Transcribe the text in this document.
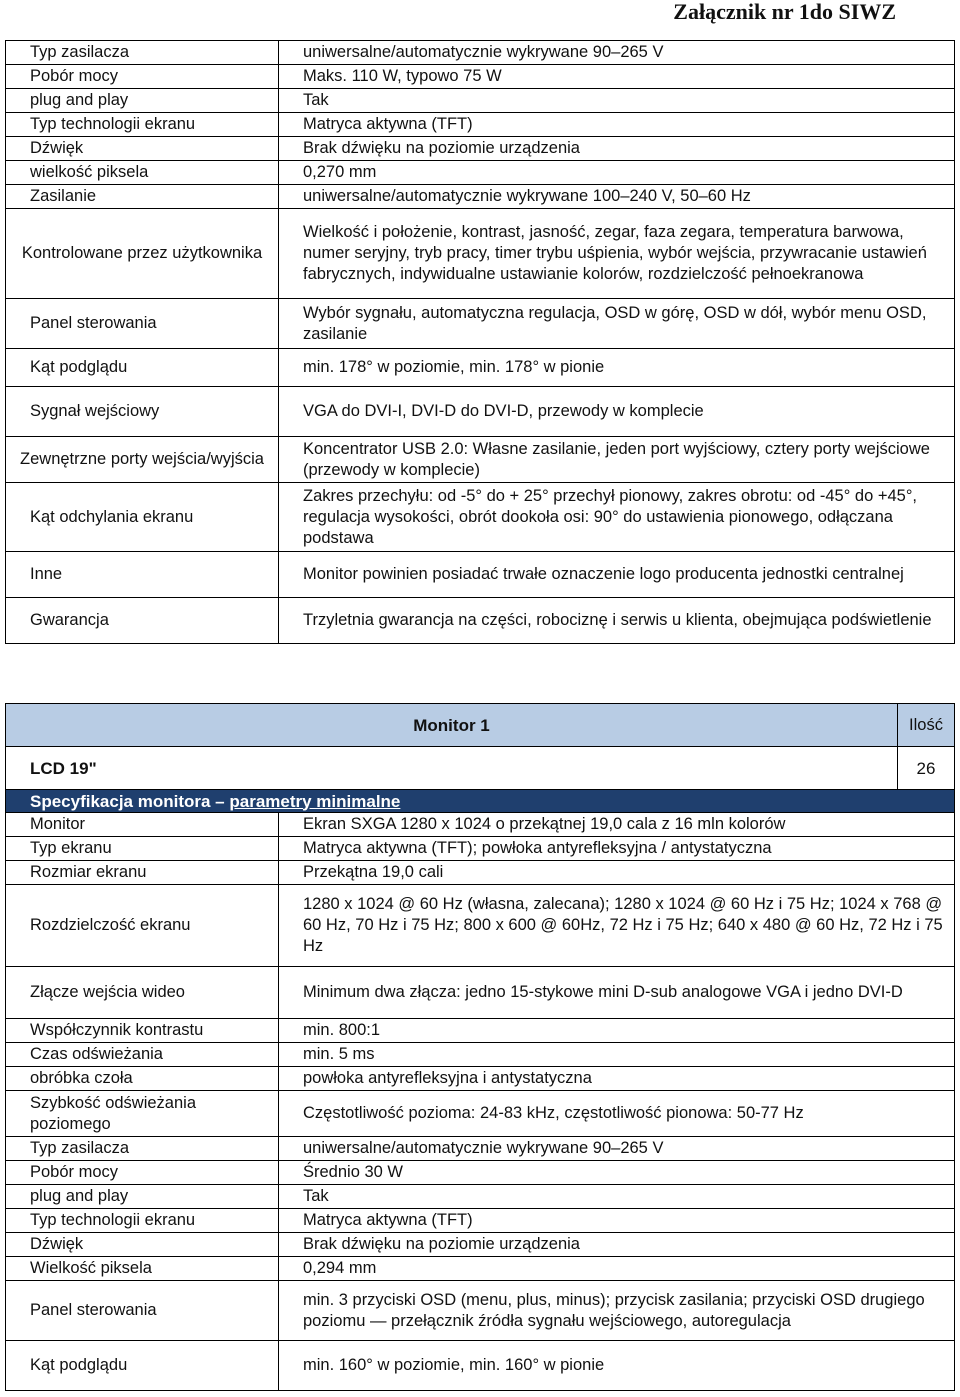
Załącznik nr 1do SIWZ
Typ zasilacza	uniwersalne/automatycznie wykrywane 90–265 V
Pobór mocy	Maks. 110 W, typowo 75 W
plug and play	Tak
Typ technologii ekranu	Matryca aktywna (TFT)
Dźwięk	Brak dźwięku na poziomie urządzenia
wielkość piksela	0,270 mm
Zasilanie	uniwersalne/automatycznie wykrywane 100–240 V, 50–60 Hz
Kontrolowane przez użytkownika	Wielkość i położenie, kontrast, jasność, zegar, faza zegara, temperatura barwowa, numer seryjny, tryb pracy, timer trybu uśpienia, wybór wejścia, przywracanie ustawień fabrycznych, indywidualne ustawianie kolorów, rozdzielczość pełnoekranowa
Panel sterowania	Wybór sygnału, automatyczna regulacja, OSD w górę, OSD w dół, wybór menu OSD, zasilanie
Kąt podglądu	min. 178° w poziomie, min. 178° w pionie
Sygnał wejściowy	VGA do DVI-I, DVI-D do DVI-D, przewody w komplecie
Zewnętrzne porty wejścia/wyjścia	Koncentrator USB 2.0: Własne zasilanie, jeden port wyjściowy, cztery porty wejściowe (przewody w komplecie)
Kąt odchylania ekranu	Zakres przechyłu: od -5° do + 25° przechył pionowy, zakres obrotu: od -45° do +45°, regulacja wysokości, obrót dookoła osi: 90° do ustawienia pionowego, odłączana podstawa
Inne	Monitor powinien posiadać trwałe oznaczenie logo producenta jednostki centralnej
Gwarancja	Trzyletnia gwarancja na części, robociznę i serwis u klienta, obejmująca podświetlenie
Monitor 1		Ilość
LCD 19"		26
Specyfikacja monitora – parametry minimalne		
Monitor	Ekran SXGA 1280 x 1024 o przekątnej 19,0 cala z 16 mln kolorów	
Typ ekranu	Matryca aktywna (TFT); powłoka antyrefleksyjna / antystatyczna	
Rozmiar ekranu	Przekątna 19,0 cali	
Rozdzielczość ekranu	1280 x 1024 @ 60 Hz (własna, zalecana); 1280 x 1024 @ 60 Hz i 75 Hz; 1024 x 768 @ 60 Hz, 70 Hz i 75 Hz; 800 x 600 @ 60Hz, 72 Hz i 75 Hz; 640 x 480 @ 60 Hz, 72 Hz i 75 Hz	
Złącze wejścia wideo	Minimum dwa złącza: jedno 15-stykowe mini D-sub analogowe VGA i jedno DVI-D	
Współczynnik kontrastu	min. 800:1	
Czas odświeżania	min. 5 ms	
obróbka czoła	powłoka antyrefleksyjna i antystatyczna	
Szybkość odświeżania poziomego	Częstotliwość pozioma: 24-83 kHz, częstotliwość pionowa: 50-77 Hz	
Typ zasilacza	uniwersalne/automatycznie wykrywane 90–265 V	
Pobór mocy	Średnio 30 W	
plug and play	Tak	
Typ technologii ekranu	Matryca aktywna (TFT)	
Dźwięk	Brak dźwięku na poziomie urządzenia	
Wielkość piksela	0,294 mm	
Panel sterowania	min. 3 przyciski OSD (menu, plus, minus); przycisk zasilania; przyciski OSD drugiego poziomu — przełącznik źródła sygnału wejściowego, autoregulacja	
Kąt podglądu	min. 160° w poziomie, min. 160° w pionie	
